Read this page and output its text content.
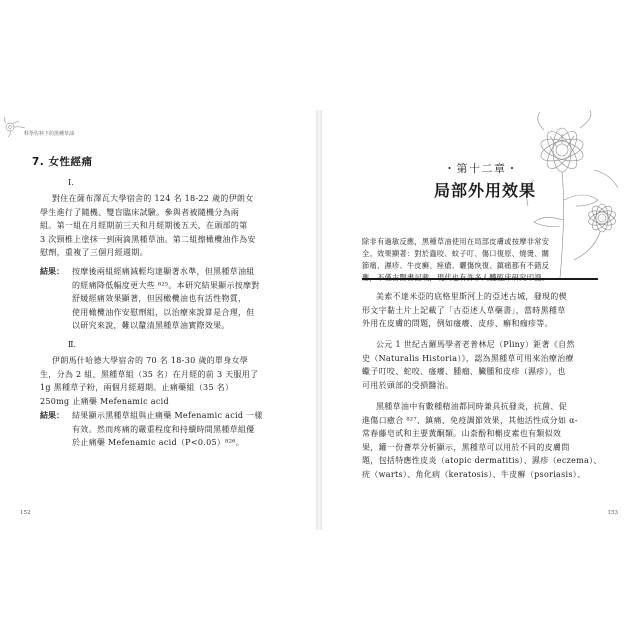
科學佐料下的黑種草油
7. 女性經痛
Ⅰ.
對住在薩布澤瓦大學宿舍的 124 名 18-22 歲的伊朗女
學生進行了隨機、雙盲臨床試驗。參與者被隨機分為兩
組。第一組在月經期前三天和月經期後五天，在頭部的第
3 次頸椎上塗抹一到兩滴黑種草油。第二組擦橄欖油作為安
慰劑，重複了三個月經週期。
結果： 按摩後兩組經痛減輕均達顯著水準，但黑種草油組
的經痛降低幅度更大些 ⁸²⁵。本研究結果顯示按摩對
舒緩經痛效果顯著，但因橄欖油也有活性物質，
使用橄欖油作安慰劑組，以治療來說算是合理，但
以研究來說，難以釐清黑種草油實際效果。
Ⅱ.
伊朗馬什哈德大學宿舍的 70 名 18-30 歲的單身女學
生，分為 2 組，黑種草組（35 名）在月經的前 3 天服用了
1g 黑種草子粉，兩個月經週期。止痛藥組（35 名）
250mg 止痛藥 Mefenamic acid
結果： 結果顯示黑種草組與止痛藥 Mefenamic acid 一樣
有效。然而疼痛的嚴重程度和持續時間黑種草組優
於止痛藥 Mefenamic acid（P<0.05）⁸²⁶。
152
・第十二章・
局部外用效果
除非有過敏反應，黑種草油使用在局部皮膚或按摩非常安
全。效果顯著：對於蟲咬、蚊子叮、傷口復原、燒燙、關
節痛、濕疹、牛皮癬、痤瘡、曬傷恢復、鎮痛都有不錯反
美索不達米亞的底格里斯河上的亞述古城，發現的楔
形文字黏土片上記載了「古亞述人草藥書」，當時黑種草
外用在皮膚的問題，例如瘙癢、皮疹、癬和痂疹等。
公元 1 世紀古羅馬學者老普林尼（Pliny）鉅著《自然
史（Naturalis Historia）》，認為黑種草可用來治療治療
蠍子叮咬、蛇咬、瘙癢、腫瘤、臟腫和皮疹（濕疹），也
可用於頭部的受損醫治。
黑種草油中有數種精油都同時兼具抗發炎，抗菌、促
進傷口癒合 ⁸²⁷、鎮痛、免疫調節效果，其他活性成分如 α-
常春藤皂甙和主要黃酮類。山柰酚和槲皮素也有類似效
果，鑵一份薈萃分析顯示，黑種草可以用於不同的皮膚問
題，包括特應性皮炎（atopic dermatitis）、濕疹（eczema）、
疣（warts）、角化病（keratosis）、牛皮癬（psoriasis）、
153
